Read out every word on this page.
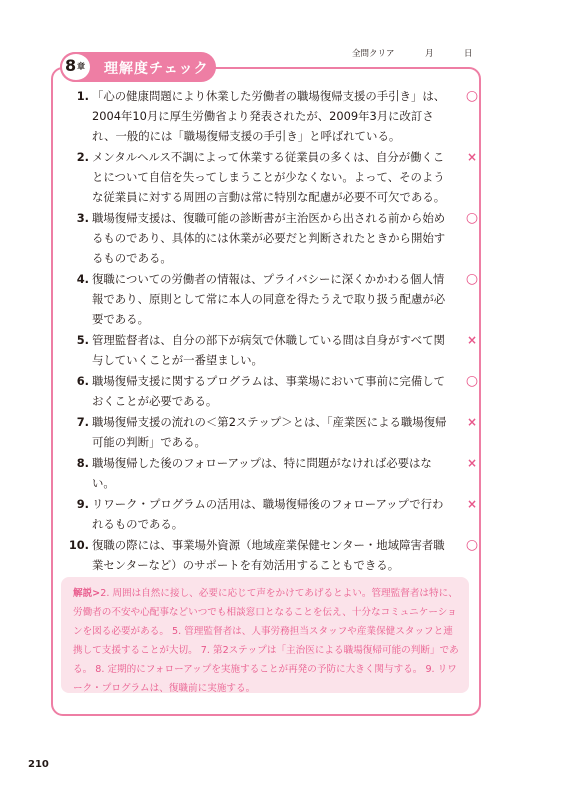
全問クリア	月	日
8 章 理解度チェック
1. 「心の健康問題により休業した労働者の職場復帰支援の手引き」は、2004年10月に厚生労働省より発表されたが、2009年3月に改訂され、一般的には「職場復帰支援の手引き」と呼ばれている。
○
2. メンタルヘルス不調によって休業する従業員の多くは、自分が働くことについて自信を失ってしまうことが少なくない。よって、そのような従業員に対する周囲の言動は常に特別な配慮が必要不可欠である。
×
3. 職場復帰支援は、復職可能の診断書が主治医から出される前から始めるものであり、具体的には休業が必要だと判断されたときから開始するものである。
○
4. 復職についての労働者の情報は、プライバシーに深くかかわる個人情報であり、原則として常に本人の同意を得たうえで取り扱う配慮が必要である。
○
5. 管理監督者は、自分の部下が病気で休職している間は自身がすべて関与していくことが一番望ましい。
×
6. 職場復帰支援に関するプログラムは、事業場において事前に完備しておくことが必要である。
○
7. 職場復帰支援の流れの＜第2ステップ＞とは、「産業医による職場復帰可能の判断」である。
×
8. 職場復帰した後のフォローアップは、特に問題がなければ必要はない。
×
9. リワーク・プログラムの活用は、職場復帰後のフォローアップで行われるものである。
×
10. 復職の際には、事業場外資源（地域産業保健センター・地域障害者職業センターなど）のサポートを有効活用することもできる。
○
解説>2. 周囲は自然に接し、必要に応じて声をかけてあげるとよい。管理監督者は特に、労働者の不安や心配事などいつでも相談窓口となることを伝え、十分なコミュニケーションを図る必要がある。 5. 管理監督者は、人事労務担当スタッフや産業保健スタッフと連携して支援することが大切。 7. 第2ステップは「主治医による職場復帰可能の判断」である。 8. 定期的にフォローアップを実施することが再発の予防に大きく関与する。 9. リワーク・プログラムは、復職前に実施する。
210
